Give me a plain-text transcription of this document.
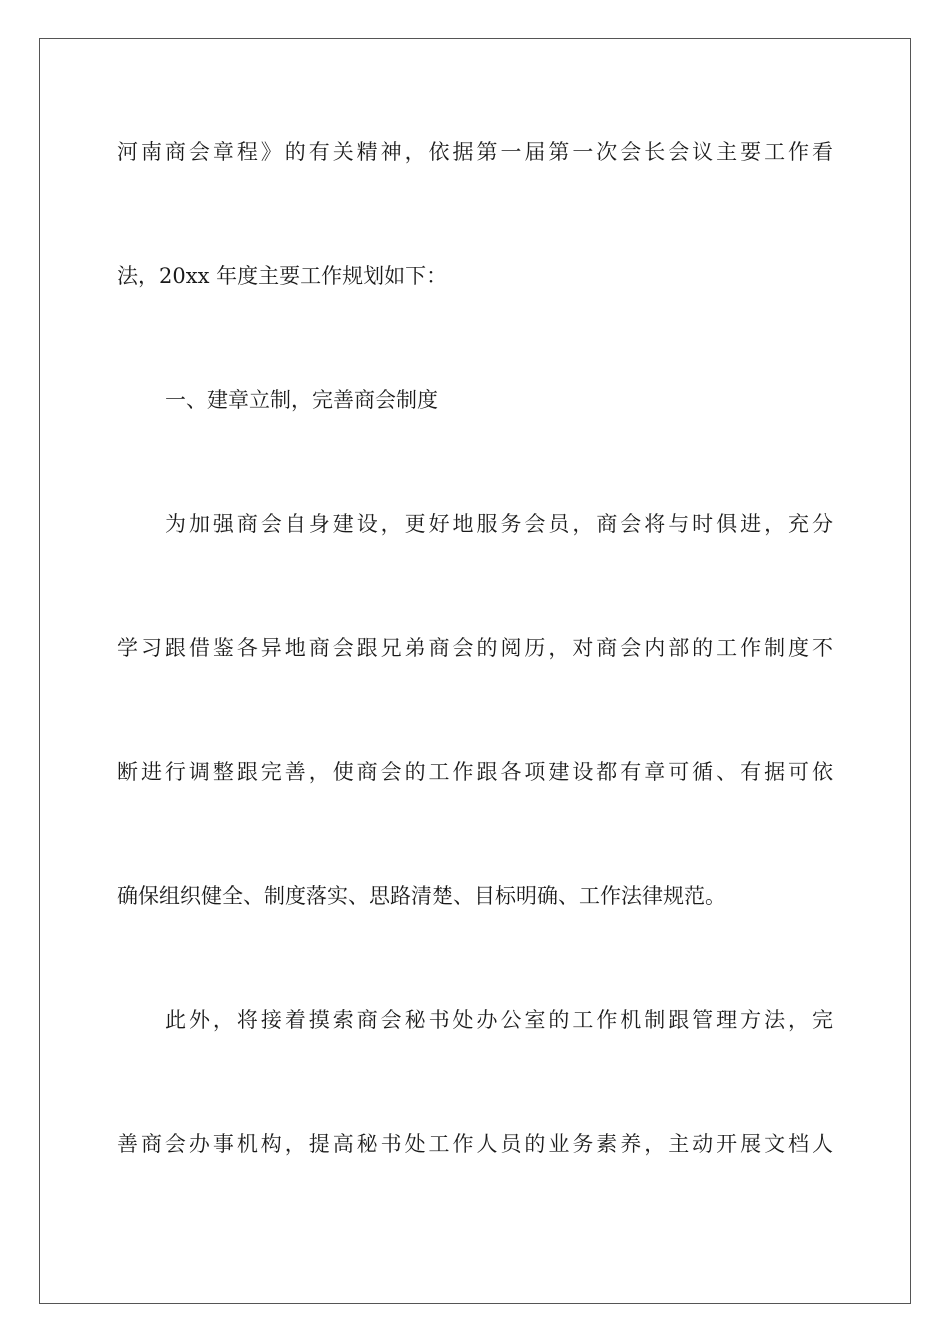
河南商会章程》的有关精神，依据第一届第一次会长会议主要工作看
法，20xx 年度主要工作规划如下：
一、建章立制，完善商会制度
为加强商会自身建设，更好地服务会员，商会将与时俱进，充分
学习跟借鉴各异地商会跟兄弟商会的阅历，对商会内部的工作制度不
断进行调整跟完善，使商会的工作跟各项建设都有章可循、有据可依
确保组织健全、制度落实、思路清楚、目标明确、工作法律规范。
此外，将接着摸索商会秘书处办公室的工作机制跟管理方法，完
善商会办事机构，提高秘书处工作人员的业务素养，主动开展文档人
